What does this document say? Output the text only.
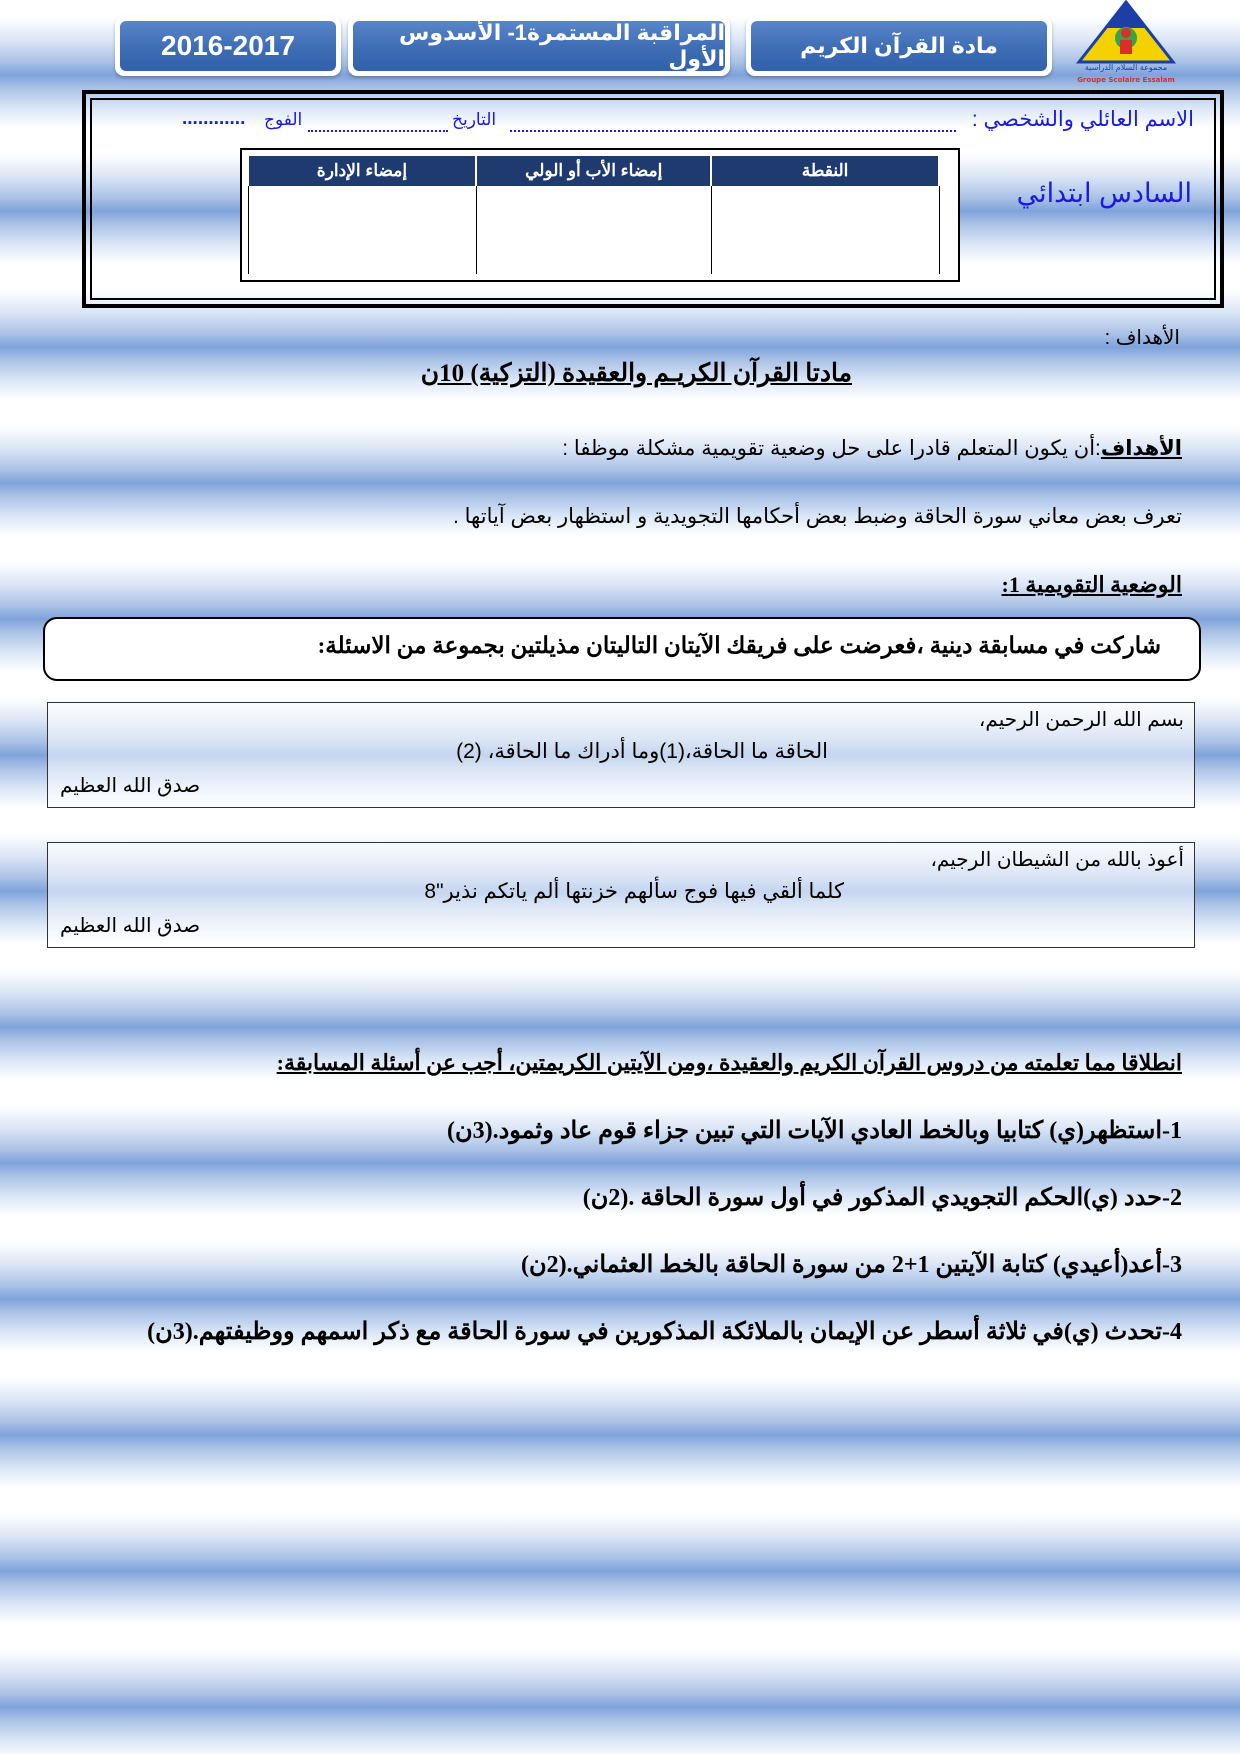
2016-2017	المراقبة المستمرة1- الأسدوس الأول
مادة القرآن الكريم
مجموعة السلام الدراسية
Groupe Scolaire Essalam
الاسم العائلي والشخصي :
التاريخ
الفوج
............
السادس ابتدائي
إمضاء الإدارة	إمضاء الأب أو الولي	النقطة

الأهداف :
مادتا القرآن الكريـم والعقيدة (التزكية) 10ن
الأهداف:أن يكون المتعلم قادرا على حل وضعية تقويمية مشكلة موظفا :
تعرف بعض معاني سورة الحاقة وضبط بعض أحكامها التجويدية و استظهار بعض آياتها .
الوضعية التقويمية 1:
شاركت في مسابقة دينية ،فعرضت على فريقك الآيتان التاليتان مذيلتين بجموعة من الاسئلة:
بسم الله الرحمن الرحيم،
الحاقة ما الحاقة،(1)وما أدراك ما الحاقة، (2)
صدق الله العظيم
أعوذ بالله من الشيطان الرجيم،
كلما ألقي فيها فوج سألهم خزنتها ألم ياتكم نذير"8
صدق الله العظيم
انطلاقا مما تعلمته من دروس القرآن الكريم والعقيدة ،ومن الآيتين الكريمتين، أجب عن أسئلة المسابقة:
1-استظهر(ي) كتابيا وبالخط العادي الآيات التي تبين جزاء قوم عاد وثمود.(3ن)
2-حدد (ي)الحكم التجويدي المذكور في أول سورة الحاقة .(2ن)
3-أعد(أعيدي) كتابة الآيتين 1+2 من سورة الحاقة بالخط العثماني.(2ن)
4-تحدث (ي)في ثلاثة أسطر عن الإيمان بالملائكة المذكورين في سورة الحاقة مع ذكر اسمهم ووظيفتهم.(3ن)
